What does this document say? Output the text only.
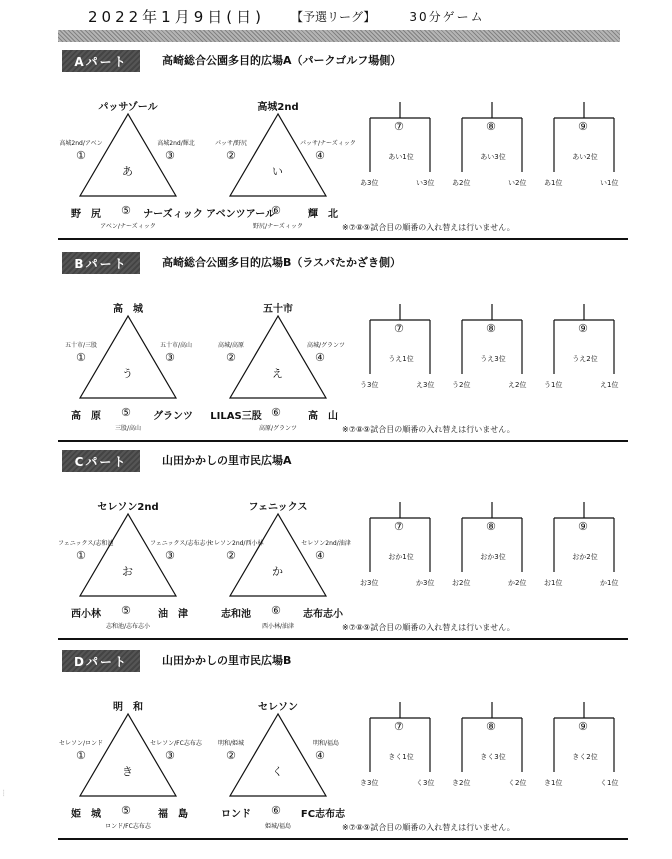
2022年1月9日(日) 【予選リーグ】	30分ゲーム
┊
Aパート	高崎総合公園多目的広場A（パークゴルフ場側）
パッサゾール
高城2nd/アベン	高城2nd/輝北
①	③
あ
野　尻	⑤	ナーズィック
アベン/ナーズィック
高城2nd
パッサ/野尻	パッサ/ナーズィック
②	④
い
アベンツアール
⑥	輝　北
野尻/ナーズィック
⑦
あい1位
あ3位	い3位
⑧
あい3位
あ2位	い2位
⑨
あい2位
あ1位	い1位
※⑦⑧⑨試合目の順番の入れ替えは行いません。
Bパート	高崎総合公園多目的広場B（ラスパたかざき側）
高　城
五十市/三股	五十市/高山
①	③
う
高　原	⑤	グランツ
三股/高山
五十市
高城/高原	高城/グランツ
②	④
え
LILAS三股 ⑥	高　山
高原/グランツ
⑦
うえ1位
う3位	え3位
⑧
うえ3位
う2位	え2位
⑨
うえ2位
う1位	え1位
※⑦⑧⑨試合目の順番の入れ替えは行いません。
Cパート	山田かかしの里市民広場A
セレソン2nd
フェニックス/志和池	フェニックス/志布志小
①	③
お
西小林	⑤	油　津
志和池/志布志小
フェニックス
セレソン2nd/西小林	セレソン2nd/油津
②	④
か
志和池	⑥	志布志小
西小林/油津
⑦
おか1位
お3位	か3位
⑧
おか3位
お2位	か2位
⑨
おか2位
お1位	か1位
※⑦⑧⑨試合目の順番の入れ替えは行いません。
Dパート	山田かかしの里市民広場B
明　和
セレソン/ロンド	セレソン/FC志布志
①	③
き
姫　城	⑤	福　島
ロンド/FC志布志
セレソン
明和/姫城	明和/福島
②	④
く
ロンド	⑥	FC志布志
姫城/福島
⑦
きく1位
き3位	く3位
⑧
きく3位
き2位	く2位
⑨
きく2位
き1位	く1位
※⑦⑧⑨試合目の順番の入れ替えは行いません。
